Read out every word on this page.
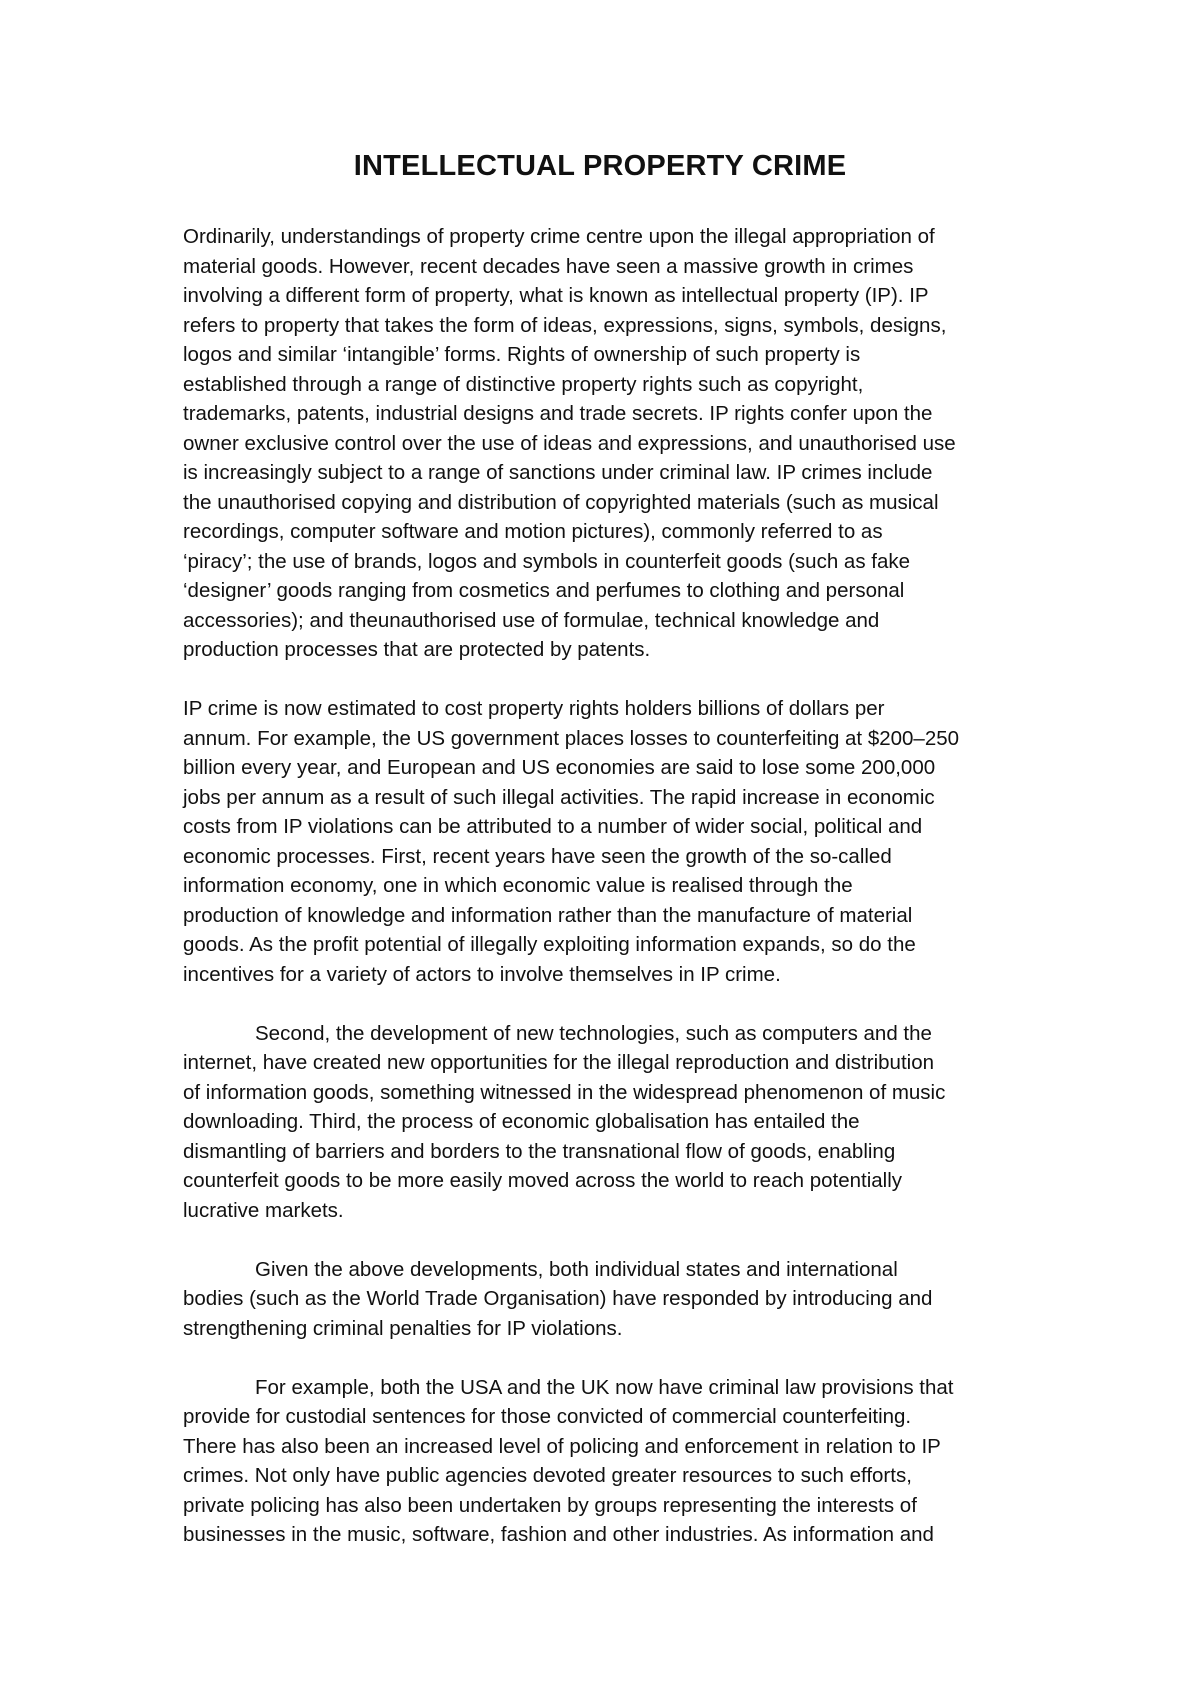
INTELLECTUAL PROPERTY CRIME

Ordinarily, understandings of property crime centre upon the illegal appropriation of
material goods. However, recent decades have seen a massive growth in crimes
involving a different form of property, what is known as intellectual property (IP). IP
refers to property that takes the form of ideas, expressions, signs, symbols, designs,
logos and similar ‘intangible’ forms. Rights of ownership of such property is
established through a range of distinctive property rights such as copyright,
trademarks, patents, industrial designs and trade secrets. IP rights confer upon the
owner exclusive control over the use of ideas and expressions, and unauthorised use
is increasingly subject to a range of sanctions under criminal law. IP crimes include
the unauthorised copying and distribution of copyrighted materials (such as musical
recordings, computer software and motion pictures), commonly referred to as
‘piracy’; the use of brands, logos and symbols in counterfeit goods (such as fake
‘designer’ goods ranging from cosmetics and perfumes to clothing and personal
accessories); and theunauthorised use of formulae, technical knowledge and
production processes that are protected by patents.

IP crime is now estimated to cost property rights holders billions of dollars per
annum. For example, the US government places losses to counterfeiting at $200–250
billion every year, and European and US economies are said to lose some 200,000
jobs per annum as a result of such illegal activities. The rapid increase in economic
costs from IP violations can be attributed to a number of wider social, political and
economic processes. First, recent years have seen the growth of the so-called
information economy, one in which economic value is realised through the
production of knowledge and information rather than the manufacture of material
goods. As the profit potential of illegally exploiting information expands, so do the
incentives for a variety of actors to involve themselves in IP crime.

Second, the development of new technologies, such as computers and the
internet, have created new opportunities for the illegal reproduction and distribution
of information goods, something witnessed in the widespread phenomenon of music
downloading. Third, the process of economic globalisation has entailed the
dismantling of barriers and borders to the transnational flow of goods, enabling
counterfeit goods to be more easily moved across the world to reach potentially
lucrative markets.

Given the above developments, both individual states and international
bodies (such as the World Trade Organisation) have responded by introducing and
strengthening criminal penalties for IP violations.

For example, both the USA and the UK now have criminal law provisions that
provide for custodial sentences for those convicted of commercial counterfeiting.
There has also been an increased level of policing and enforcement in relation to IP
crimes. Not only have public agencies devoted greater resources to such efforts,
private policing has also been undertaken by groups representing the interests of
businesses in the music, software, fashion and other industries. As information and
